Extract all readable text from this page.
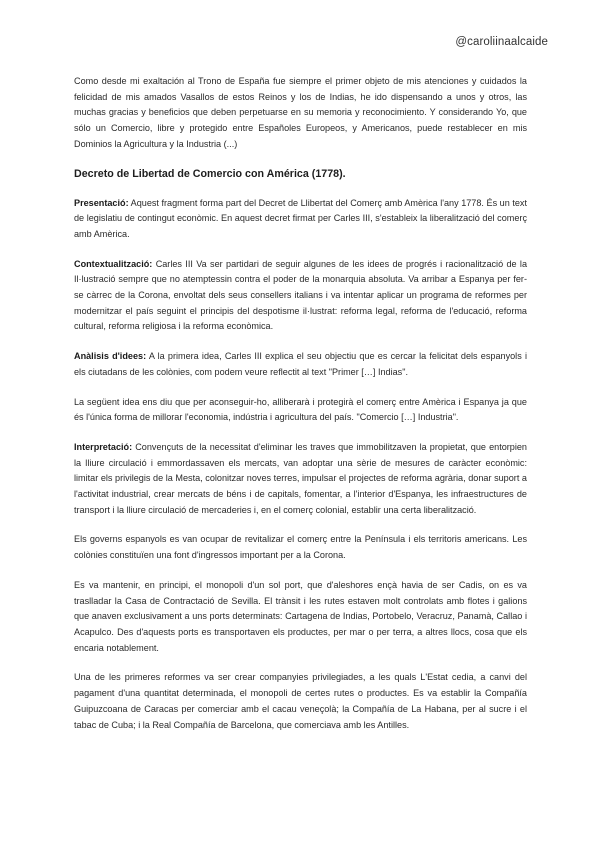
@caroliinaalcaide

Como desde mi exaltación al Trono de España fue siempre el primer objeto de mis atenciones y cuidados la felicidad de mis amados Vasallos de estos Reinos y los de Indias, he ido dispensando a unos y otros, las muchas gracias y beneficios que deben perpetuarse en su memoria y reconocimiento. Y considerando Yo, que sólo un Comercio, libre y protegido entre Españoles Europeos, y Americanos, puede restablecer en mis Dominios la Agricultura y la Industria (...)

Decreto de Libertad de Comercio con América (1778).

Presentació: Aquest fragment forma part del Decret de Llibertat del Comerç amb Amèrica l'any 1778. És un text de legislatiu de contingut econòmic. En aquest decret firmat per Carles III, s'estableix la liberalització del comerç amb Amèrica.

Contextualització: Carles III Va ser partidari de seguir algunes de les idees de progrés i racionalització de la Il·lustració sempre que no atemptessin contra el poder de la monarquia absoluta. Va arribar a Espanya per fer-se càrrec de la Corona, envoltat dels seus consellers italians i va intentar aplicar un programa de reformes per modernitzar el país seguint el principis del despotisme il·lustrat: reforma legal, reforma de l'educació, reforma cultural, reforma religiosa i la reforma econòmica.

Anàlisis d'idees: A la primera idea, Carles III explica el seu objectiu que es cercar la felicitat dels espanyols i els ciutadans de les colònies, com podem veure reflectit al text "Primer […] Indias".

La següent idea ens diu que per aconseguir-ho, alliberarà i protegirà el comerç entre Amèrica i Espanya ja que és l'única forma de millorar l'economia, indústria i agricultura del país. "Comercio […] Industria".

Interpretació: Convençuts de la necessitat d'eliminar les traves que immobilitzaven la propietat, que entorpien la lliure circulació i emmordassaven els mercats, van adoptar una sèrie de mesures de caràcter econòmic: limitar els privilegis de la Mesta, colonitzar noves terres, impulsar el projectes de reforma agrària, donar suport a l'activitat industrial, crear mercats de béns i de capitals, fomentar, a l'interior d'Espanya, les infraestructures de transport i la lliure circulació de mercaderies i, en el comerç colonial, establir una certa liberalització.

Els governs espanyols es van ocupar de revitalizar el comerç entre la Península i els territoris americans. Les colònies constituïen una font d'ingressos important per a la Corona.

Es va mantenir, en principi, el monopoli d'un sol port, que d'aleshores ençà havia de ser Cadis, on es va traslladar la Casa de Contractació de Sevilla. El trànsit i les rutes estaven molt controlats amb flotes i galions que anaven exclusivament a uns ports determinats: Cartagena de Indias, Portobelo, Veracruz, Panamà, Callao i Acapulco. Des d'aquests ports es transportaven els productes, per mar o per terra, a altres llocs, cosa que els encaria notablement.

Una de les primeres reformes va ser crear companyies privilegiades, a les quals L'Estat cedia, a canvi del pagament d'una quantitat determinada, el monopoli de certes rutes o productes. Es va establir la Compañía Guipuzcoana de Caracas per comerciar amb el cacau veneçolà; la Compañía de La Habana, per al sucre i el tabac de Cuba; i la Real Compañía de Barcelona, que comerciava amb les Antilles.
